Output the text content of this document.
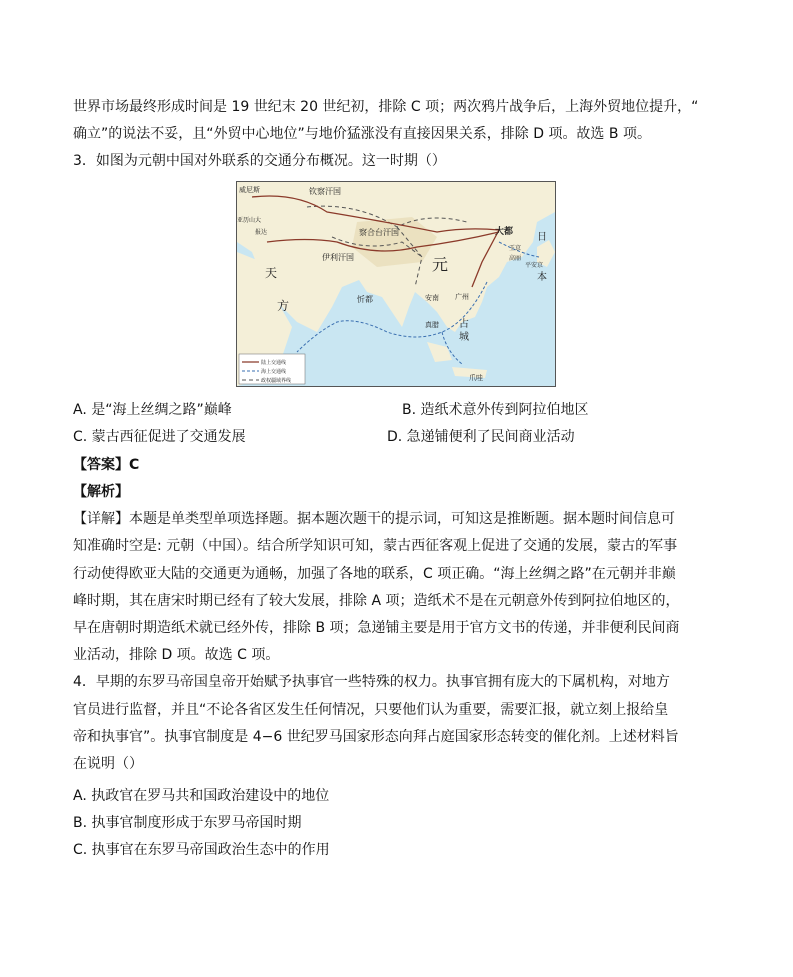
世界市场最终形成时间是 19 世纪末 20 世纪初，排除 C 项；两次鸦片战争后，上海外贸地位提升，“
确立”的说法不妥，且“外贸中心地位”与地价猛涨没有直接因果关系，排除 D 项。故选 B 项。
3．如图为元朝中国对外联系的交通分布概况。这一时期（）
威尼斯	钦察汗国
察合台汗国
伊利汗国	元
大都 日
本
王京
高丽
平安京
天
方	忻都	广州
安南
占
城
真腊
爪哇
亚历山大
报达
陆上交通线
海上交通线
政权疆域界线
A. 是“海上丝绸之路”巅峰	B. 造纸术意外传到阿拉伯地区
C. 蒙古西征促进了交通发展	D. 急递铺便利了民间商业活动
【答案】C
【解析】
【详解】本题是单类型单项选择题。据本题次题干的提示词，可知这是推断题。据本题时间信息可
知准确时空是: 元朝（中国）。结合所学知识可知，蒙古西征客观上促进了交通的发展，蒙古的军事
行动使得欧亚大陆的交通更为通畅，加强了各地的联系，C 项正确。“海上丝绸之路”在元朝并非巅
峰时期，其在唐宋时期已经有了较大发展，排除 A 项；造纸术不是在元朝意外传到阿拉伯地区的，
早在唐朝时期造纸术就已经外传，排除 B 项；急递铺主要是用于官方文书的传递，并非便利民间商
业活动，排除 D 项。故选 C 项。
4．早期的东罗马帝国皇帝开始赋予执事官一些特殊的权力。执事官拥有庞大的下属机构，对地方
官员进行监督，并且“不论各省区发生任何情况，只要他们认为重要，需要汇报，就立刻上报给皇
帝和执事官”。执事官制度是 4−6 世纪罗马国家形态向拜占庭国家形态转变的催化剂。上述材料旨
在说明（）
A. 执政官在罗马共和国政治建设中的地位
B. 执事官制度形成于东罗马帝国时期
C. 执事官在东罗马帝国政治生态中的作用
